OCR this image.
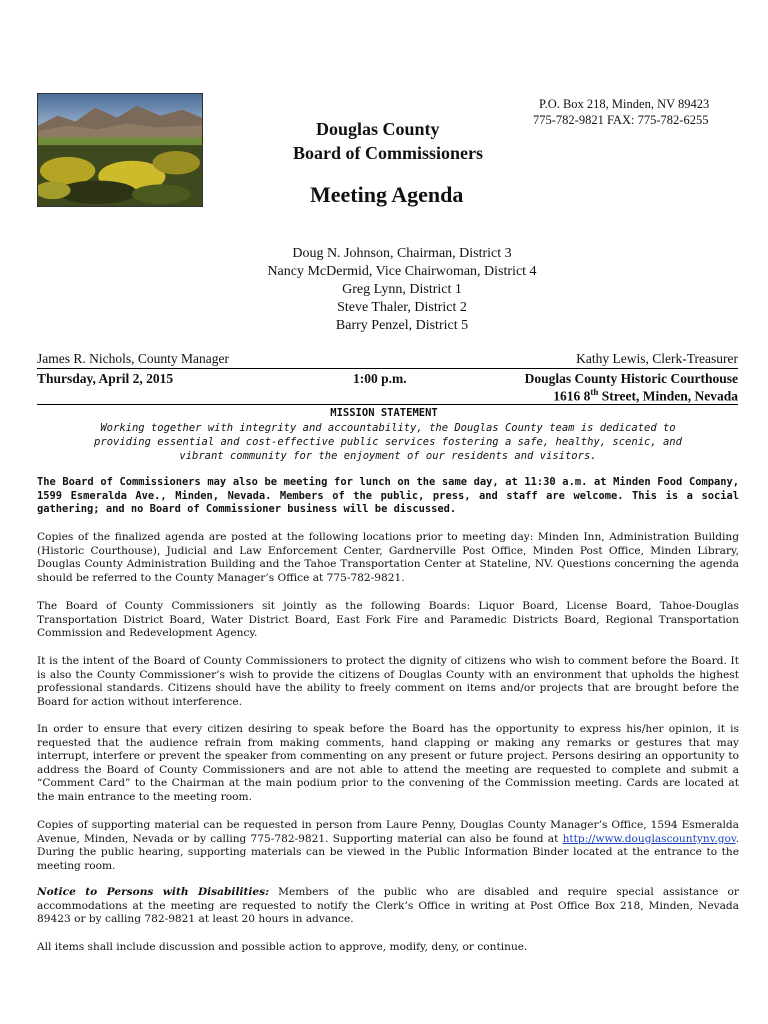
Douglas County
Board of Commissioners
Meeting Agenda
P.O. Box 218, Minden, NV 89423
775-782-9821 FAX: 775-782-6255
Doug N. Johnson, Chairman, District 3
Nancy McDermid, Vice Chairwoman, District 4
Greg Lynn, District 1
Steve Thaler, District 2
Barry Penzel, District 5
James R. Nichols, County Manager	Kathy Lewis, Clerk-Treasurer
Thursday, April 2, 2015	1:00 p.m.	Douglas County Historic Courthouse
1616 8th Street, Minden, Nevada
MISSION STATEMENT
Working together with integrity and accountability, the Douglas County team is dedicated to providing essential and cost-effective public services fostering a safe, healthy, scenic, and vibrant community for the enjoyment of our residents and visitors.
The Board of Commissioners may also be meeting for lunch on the same day, at 11:30 a.m. at Minden Food Company, 1599 Esmeralda Ave., Minden, Nevada. Members of the public, press, and staff are welcome. This is a social gathering; and no Board of Commissioner business will be discussed.
Copies of the finalized agenda are posted at the following locations prior to meeting day: Minden Inn, Administration Building (Historic Courthouse), Judicial and Law Enforcement Center, Gardnerville Post Office, Minden Post Office, Minden Library, Douglas County Administration Building and the Tahoe Transportation Center at Stateline, NV. Questions concerning the agenda should be referred to the County Manager’s Office at 775-782-9821.
The Board of County Commissioners sit jointly as the following Boards: Liquor Board, License Board, Tahoe-Douglas Transportation District Board, Water District Board, East Fork Fire and Paramedic Districts Board, Regional Transportation Commission and Redevelopment Agency.
It is the intent of the Board of County Commissioners to protect the dignity of citizens who wish to comment before the Board. It is also the County Commissioner’s wish to provide the citizens of Douglas County with an environment that upholds the highest professional standards. Citizens should have the ability to freely comment on items and/or projects that are brought before the Board for action without interference.
In order to ensure that every citizen desiring to speak before the Board has the opportunity to express his/her opinion, it is requested that the audience refrain from making comments, hand clapping or making any remarks or gestures that may interrupt, interfere or prevent the speaker from commenting on any present or future project. Persons desiring an opportunity to address the Board of County Commissioners and are not able to attend the meeting are requested to complete and submit a “Comment Card” to the Chairman at the main podium prior to the convening of the Commission meeting. Cards are located at the main entrance to the meeting room.
Copies of supporting material can be requested in person from Laure Penny, Douglas County Manager’s Office, 1594 Esmeralda Avenue, Minden, Nevada or by calling 775-782-9821. Supporting material can also be found at http://www.douglascountynv.gov. During the public hearing, supporting materials can be viewed in the Public Information Binder located at the entrance to the meeting room.
Notice to Persons with Disabilities: Members of the public who are disabled and require special assistance or accommodations at the meeting are requested to notify the Clerk’s Office in writing at Post Office Box 218, Minden, Nevada 89423 or by calling 782-9821 at least 20 hours in advance.
All items shall include discussion and possible action to approve, modify, deny, or continue.
